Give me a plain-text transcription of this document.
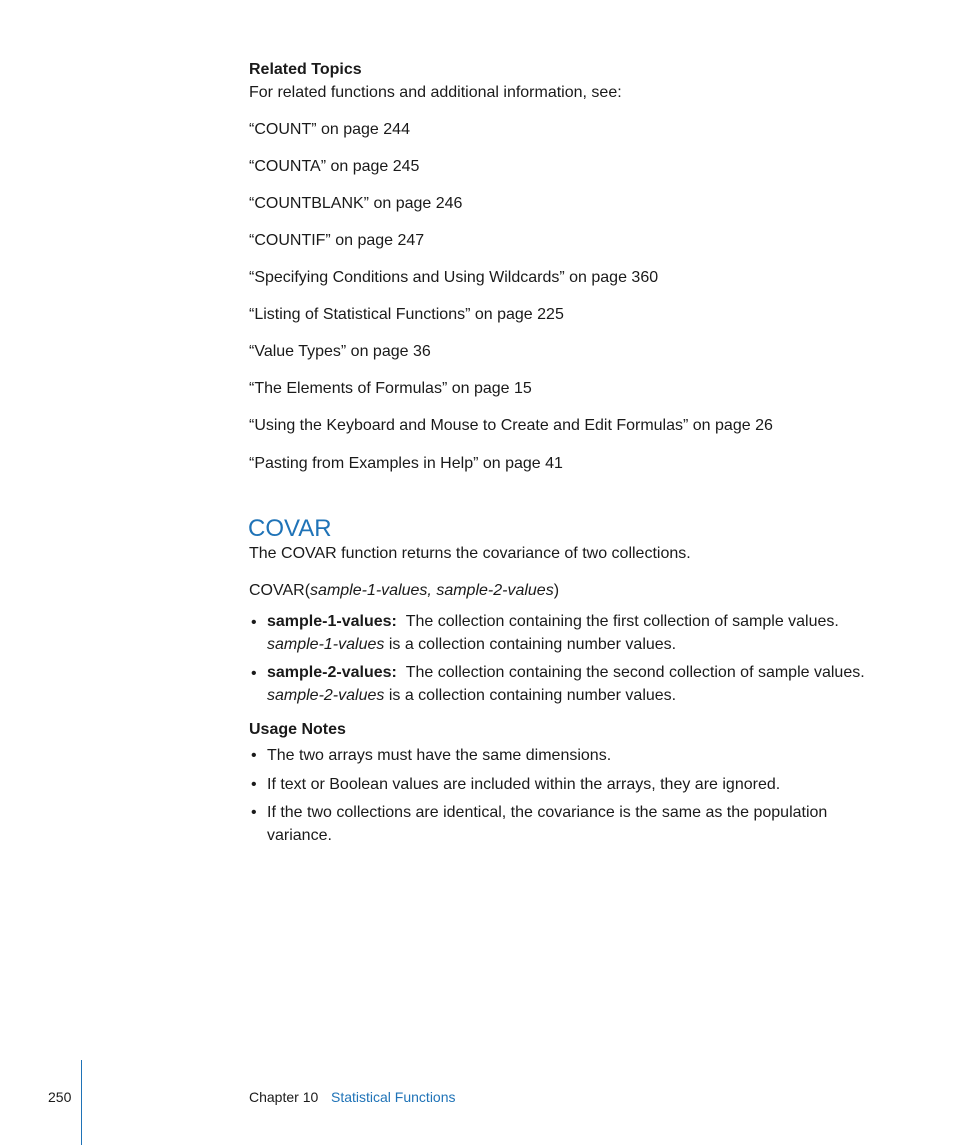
Related Topics
For related functions and additional information, see:
“COUNT” on page 244
“COUNTA” on page 245
“COUNTBLANK” on page 246
“COUNTIF” on page 247
“Specifying Conditions and Using Wildcards” on page 360
“Listing of Statistical Functions” on page 225
“Value Types” on page 36
“The Elements of Formulas” on page 15
“Using the Keyboard and Mouse to Create and Edit Formulas” on page 26
“Pasting from Examples in Help” on page 41
COVAR
The COVAR function returns the covariance of two collections.
COVAR(sample-1-values, sample-2-values)
• sample-1-values: The collection containing the first collection of sample values.
sample-1-values is a collection containing number values.
• sample-2-values: The collection containing the second collection of sample values.
sample-2-values is a collection containing number values.
Usage Notes
• The two arrays must have the same dimensions.
• If text or Boolean values are included within the arrays, they are ignored.
• If the two collections are identical, the covariance is the same as the population
variance.
250	Chapter 10 Statistical Functions
